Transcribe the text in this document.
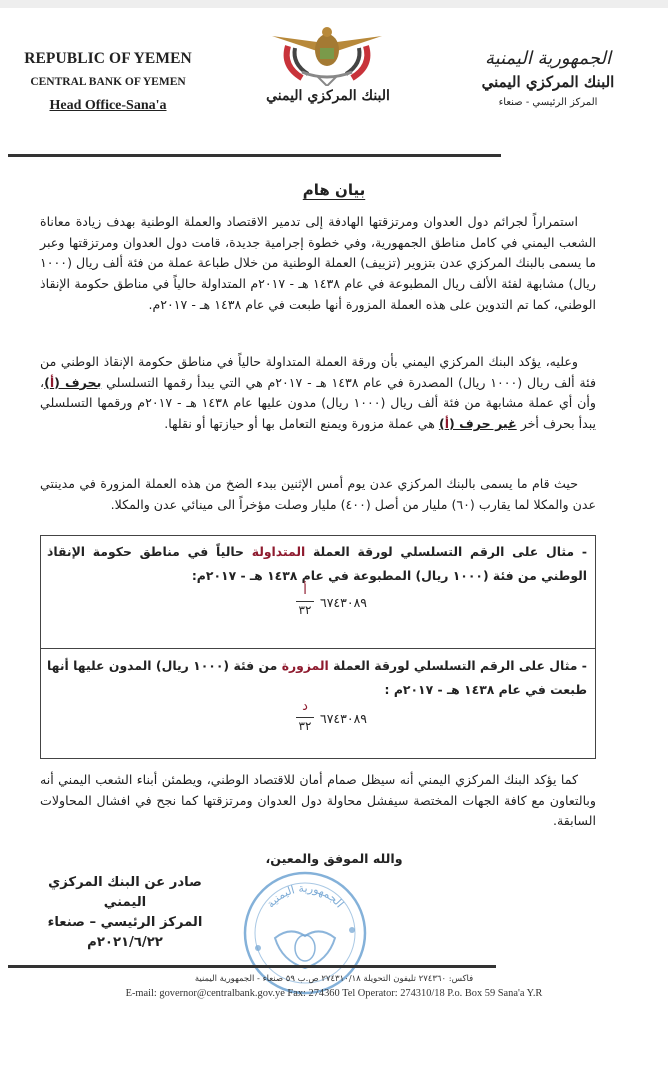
REPUBLIC OF YEMEN
CENTRAL BANK OF YEMEN
Head Office-Sana'a
البنك المركزي اليمني
الجمهورية اليمنية
البنك المركزي اليمني
المركز الرئيسي - صنعاء
بيان هام
استمراراً لجرائم دول العدوان ومرتزقتها الهادفة إلى تدمير الاقتصاد والعملة الوطنية بهدف زيادة معاناة الشعب اليمني في كامل مناطق الجمهورية، وفي خطوة إجرامية جديدة، قامت دول العدوان ومرتزقتها وعبر ما يسمى بالبنك المركزي عدن بتزوير (تزييف) العملة الوطنية من خلال طباعة عملة من فئة ألف ريال (١٠٠٠ ريال) مشابهة لفئة الألف ريال المطبوعة في عام ١٤٣٨ هـ - ٢٠١٧م المتداولة حالياً في مناطق حكومة الإنقاذ الوطني، كما تم التدوين على هذه العملة المزورة أنها طبعت في عام ١٤٣٨ هـ - ٢٠١٧م.
وعليه، يؤكد البنك المركزي اليمني بأن ورقة العملة المتداولة حالياً في مناطق حكومة الإنقاذ الوطني من فئة ألف ريال (١٠٠٠ ريال) المصدرة في عام ١٤٣٨ هـ - ٢٠١٧م هي التي يبدأ رقمها التسلسلي بحرف (أ)، وأن أي عملة مشابهة من فئة ألف ريال (١٠٠٠ ريال) مدون عليها عام ١٤٣٨ هـ - ٢٠١٧م ورقمها التسلسلي يبدأ بحرف أخر غير حرف (أ) هي عملة مزورة ويمنع التعامل بها أو حيازتها أو نقلها.
حيث قام ما يسمى بالبنك المركزي عدن يوم أمس الإثنين ببدء الضخ من هذه العملة المزورة في مدينتي عدن والمكلا لما يقارب (٦٠) مليار من أصل (٤٠٠) مليار وصلت مؤخراً الى مينائي عدن والمكلا.
- مثال على الرقم التسلسلي لورقة العملة المتداولة حالياً في مناطق حكومة الإنقاذ الوطني من فئة (١٠٠٠ ريال) المطبوعة في عام ١٤٣٨ هـ - ٢٠١٧م:
أ
٣٢ ٦٧٤٣٠٨٩
- مثال على الرقم التسلسلي لورقة العملة المزورة من فئة (١٠٠٠ ريال) المدون عليها أنها طبعت في عام ١٤٣٨ هـ - ٢٠١٧م :
د
٣٢ ٦٧٤٣٠٨٩
كما يؤكد البنك المركزي اليمني أنه سيظل صمام أمان للاقتصاد الوطني، ويطمئن أبناء الشعب اليمني أنه وبالتعاون مع كافة الجهات المختصة سيفشل محاولة دول العدوان ومرتزقتها كما نجح في افشال المحاولات السابقة.
والله الموفق والمعين،
صادر عن البنك المركزي اليمني
المركز الرئيسي – صنعاء
٢٠٢١/٦/٢٢م
الجمهورية اليمنية
فاكس: ٢٧٤٣٦٠ تليفون التحويلة ٢٧٤٣١٠/١٨ ص.ب ٥٩ صنعاء - الجمهورية اليمنية
E-mail: governor@centralbank.gov.ye Fax: 274360 Tel Operator: 274310/18 P.o. Box 59 Sana'a Y.R
